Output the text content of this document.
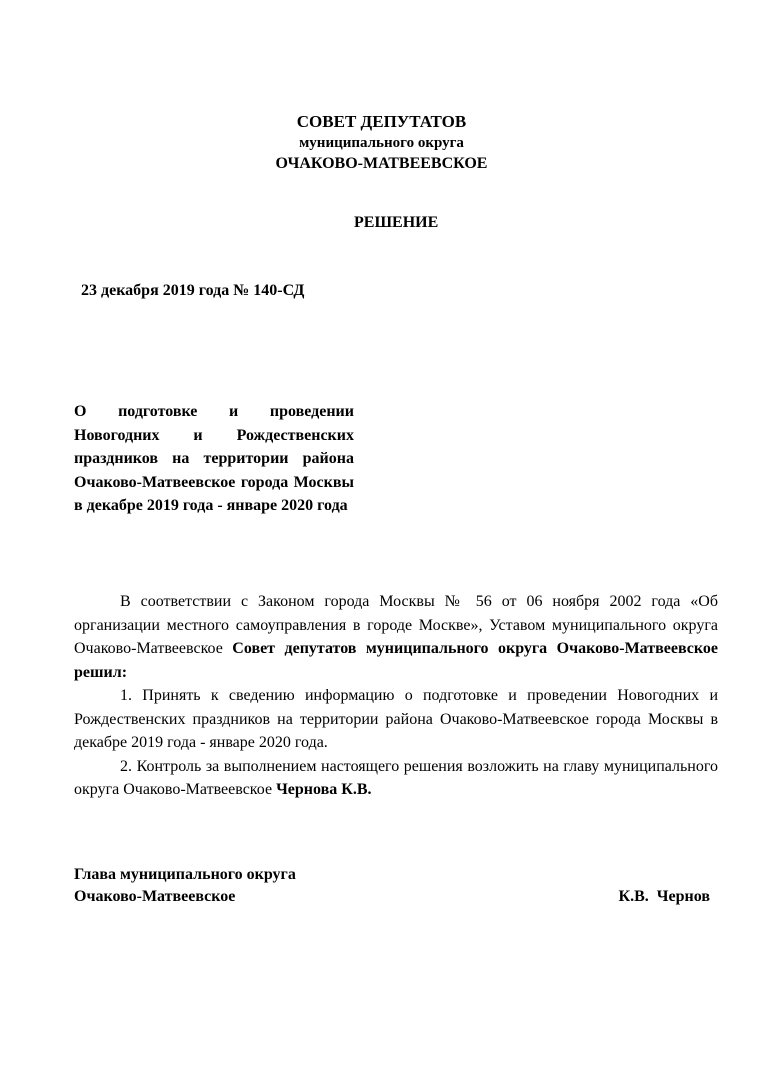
СОВЕТ ДЕПУТАТОВ
муниципального округа
ОЧАКОВО-МАТВЕЕВСКОЕ
РЕШЕНИЕ
23 декабря 2019 года № 140-СД
О подготовке и проведении Новогодних и Рождественских праздников на территории района Очаково-Матвеевское города Москвы в декабре 2019 года - январе 2020 года

В соответствии с Законом города Москвы № 56 от 06 ноября 2002 года «Об организации местного самоуправления в городе Москве», Уставом муниципального округа Очаково-Матвеевское Совет депутатов муниципального округа Очаково-Матвеевское решил:

1. Принять к сведению информацию о подготовке и проведении Новогодних и Рождественских праздников на территории района Очаково-Матвеевское города Москвы в декабре 2019 года - январе 2020 года.

2. Контроль за выполнением настоящего решения возложить на главу муниципального округа Очаково-Матвеевское Чернова К.В.

Глава муниципального округа
Очаково-Матвеевское	К.В.  Чернов
